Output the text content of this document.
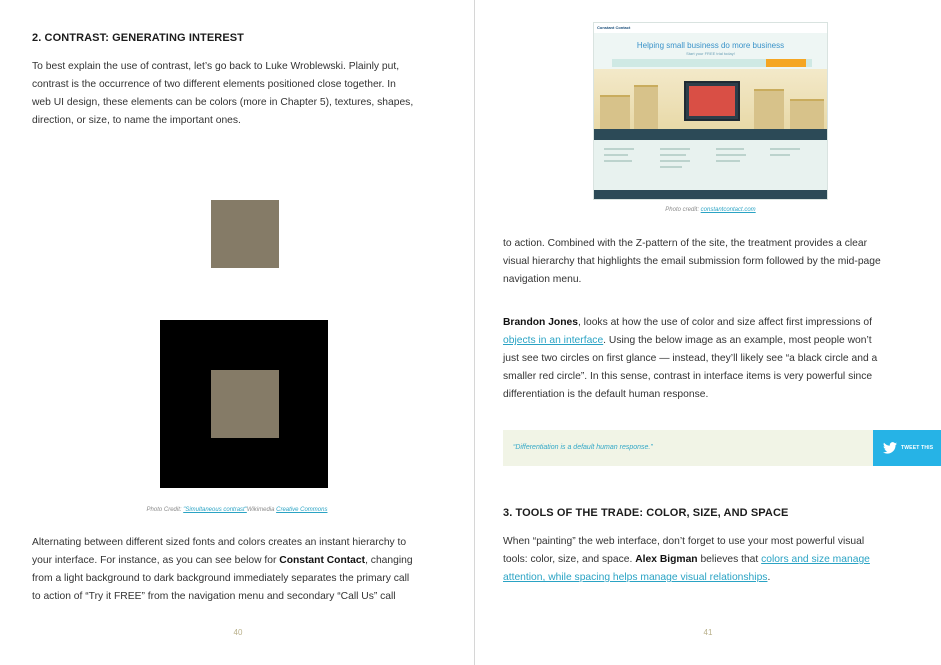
2. CONTRAST: GENERATING INTEREST
To best explain the use of contrast, let’s go back to Luke Wroblewski. Plainly put,
contrast is the occurrence of two different elements positioned close together. In
web UI design, these elements can be colors (more in Chapter 5), textures, shapes,
direction, or size, to name the important ones.
Photo Credit: "Simultaneous contrast"Wikimedia Creative Commons
Alternating between different sized fonts and colors creates an instant hierarchy to
your interface. For instance, as you can see below for Constant Contact, changing
from a light background to dark background immediately separates the primary call
to action of “Try it FREE” from the navigation menu and secondary “Call Us” call
40
Constant Contact
Helping small business do more business
Start your FREE trial today!
Photo credit: constantcontact.com
to action. Combined with the Z-pattern of the site, the treatment provides a clear
visual hierarchy that highlights the email submission form followed by the mid-page
navigation menu.
Brandon Jones, looks at how the use of color and size affect first impressions of
objects in an interface. Using the below image as an example, most people won’t
just see two circles on first glance — instead, they’ll likely see “a black circle and a
smaller red circle”. In this sense, contrast in interface items is very powerful since
differentiation is the default human response.
“Differentiation is a default human response.”	TWEET THIS
3. TOOLS OF THE TRADE: COLOR, SIZE, AND SPACE
When “painting” the web interface, don’t forget to use your most powerful visual
tools: color, size, and space. Alex Bigman believes that colors and size manage
attention, while spacing helps manage visual relationships.
41
